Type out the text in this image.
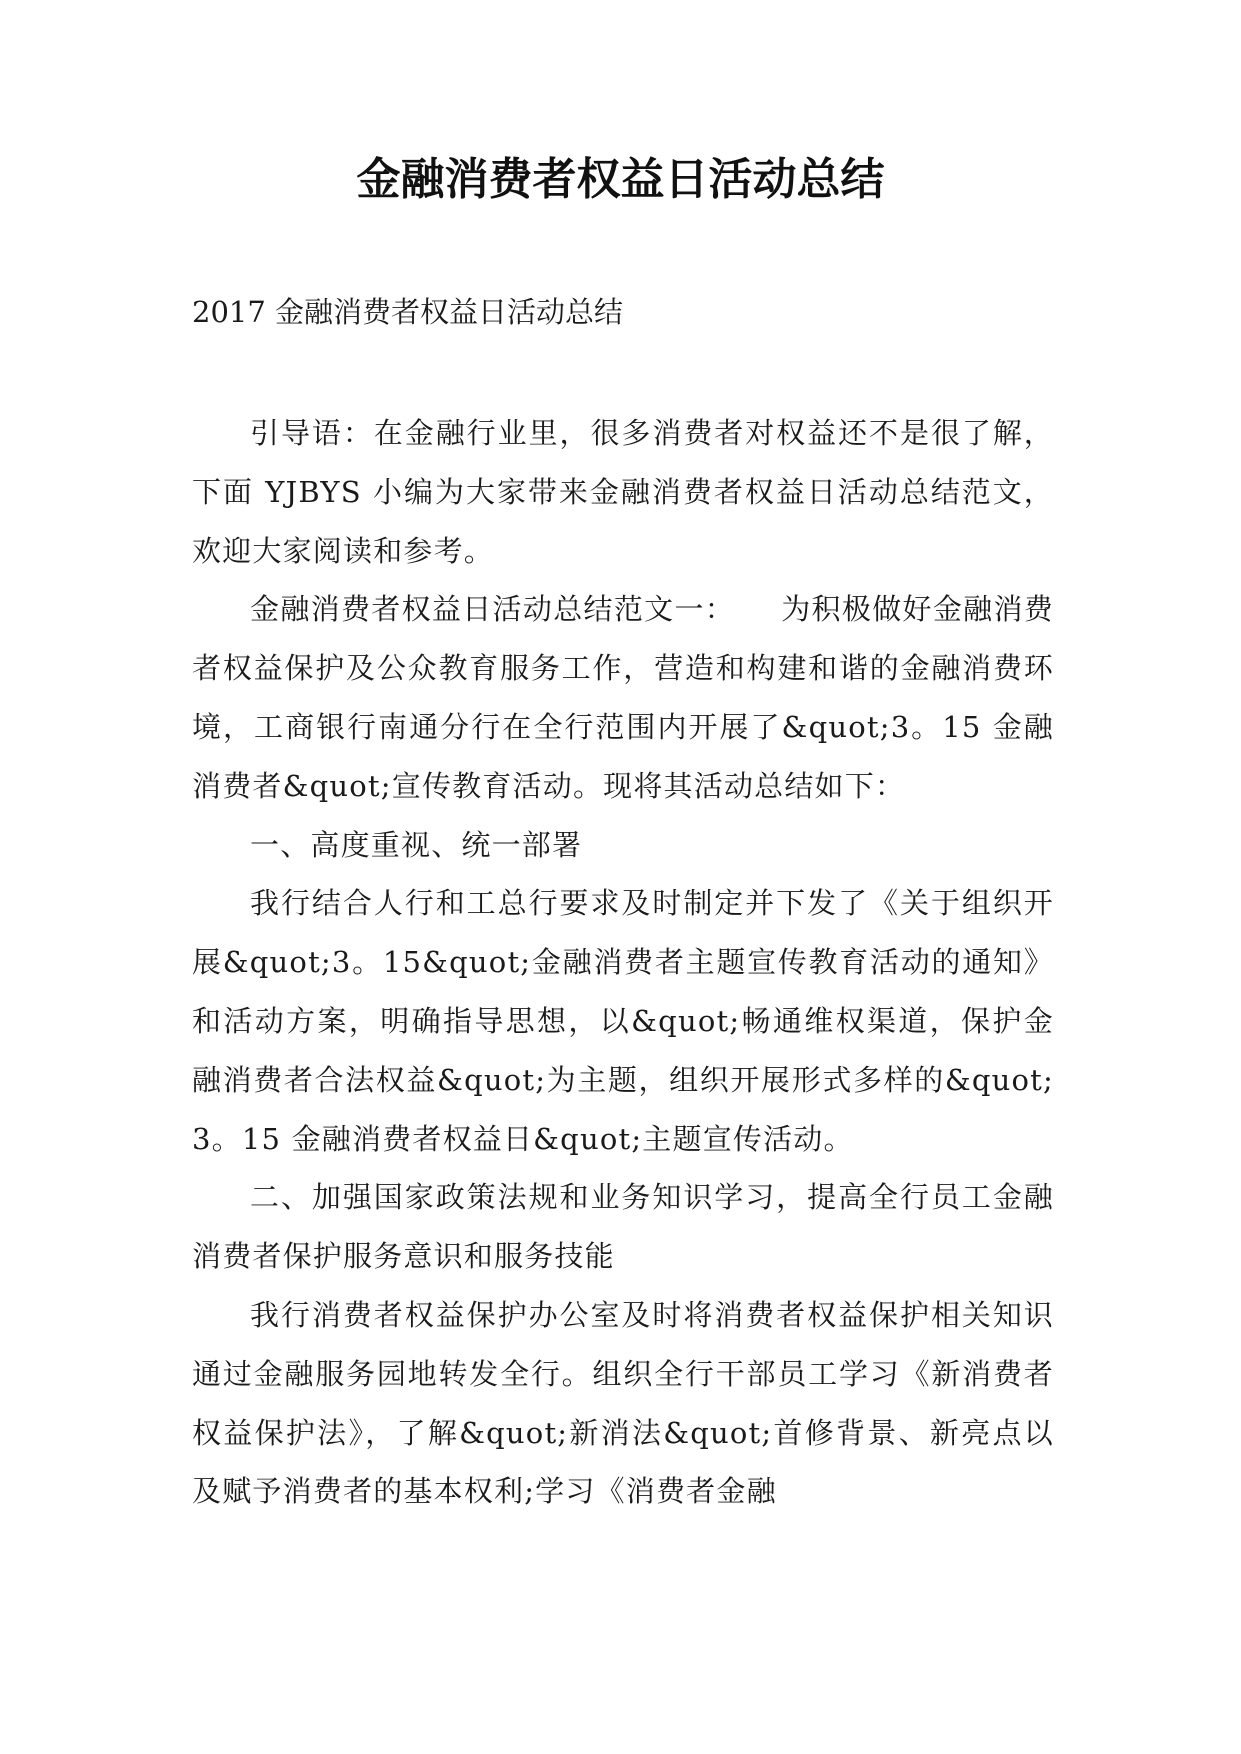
金融消费者权益日活动总结

2017 金融消费者权益日活动总结

引导语：在金融行业里，很多消费者对权益还不是很了解，下面 YJBYS 小编为大家带来金融消费者权益日活动总结范文，欢迎大家阅读和参考。

金融消费者权益日活动总结范文一：　　为积极做好金融消费者权益保护及公众教育服务工作，营造和构建和谐的金融消费环境，工商银行南通分行在全行范围内开展了&quot;3。15 金融消费者&quot;宣传教育活动。现将其活动总结如下：

一、高度重视、统一部署

我行结合人行和工总行要求及时制定并下发了《关于组织开展&quot;3。15&quot;金融消费者主题宣传教育活动的通知》和活动方案，明确指导思想，以&quot;畅通维权渠道，保护金融消费者合法权益&quot;为主题，组织开展形式多样的&quot;3。15 金融消费者权益日&quot;主题宣传活动。

二、加强国家政策法规和业务知识学习，提高全行员工金融消费者保护服务意识和服务技能

我行消费者权益保护办公室及时将消费者权益保护相关知识通过金融服务园地转发全行。组织全行干部员工学习《新消费者权益保护法》，了解&quot;新消法&quot;首修背景、新亮点以及赋予消费者的基本权利;学习《消费者金融
